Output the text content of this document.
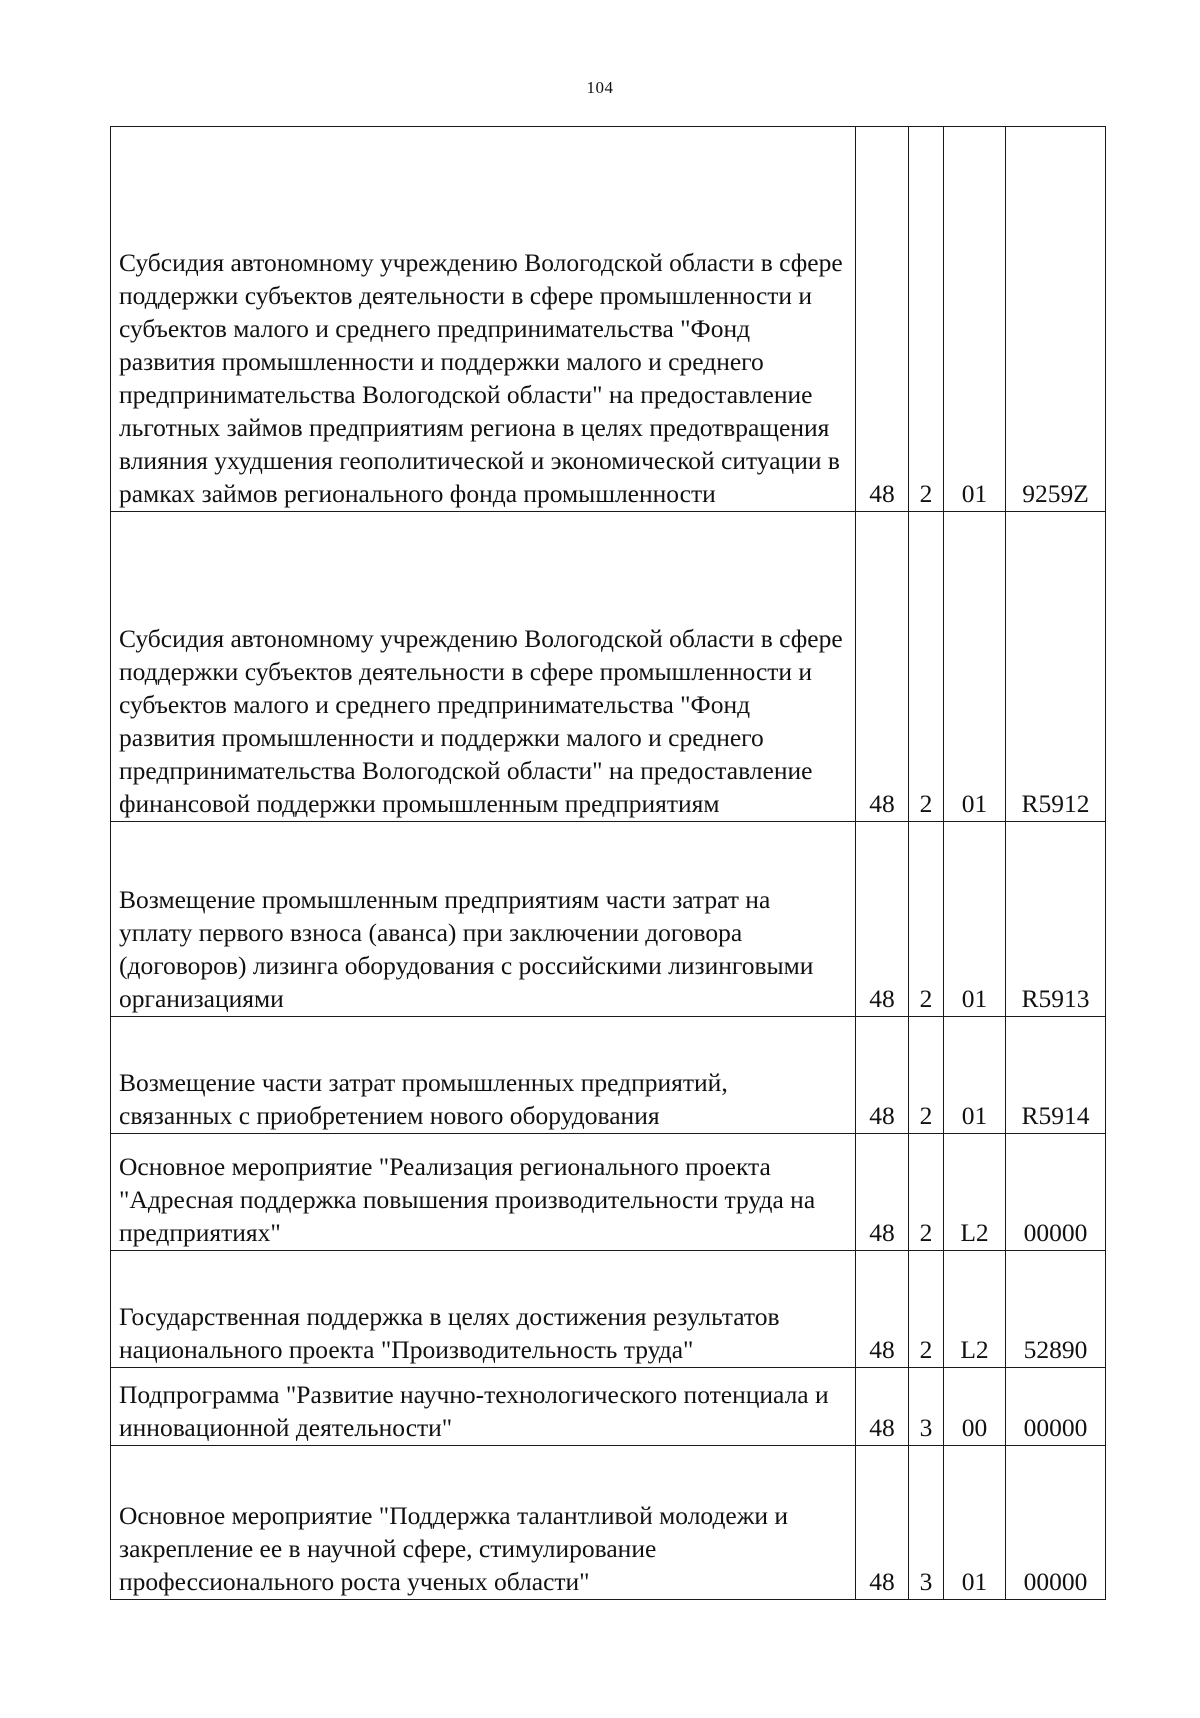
104
Субсидия автономному учреждению Вологодской области в сфере поддержки субъектов деятельности в сфере промышленности и субъектов малого и среднего предпринимательства "Фонд развития промышленности и поддержки малого и среднего предпринимательства Вологодской области" на предоставление льготных займов предприятиям региона в целях предотвращения влияния ухудшения геополитической и экономической ситуации в рамках займов регионального фонда промышленности	48	2	01	9259Z
Субсидия автономному учреждению Вологодской области в сфере поддержки субъектов деятельности в сфере промышленности и субъектов малого и среднего предпринимательства "Фонд развития промышленности и поддержки малого и среднего предпринимательства Вологодской области" на предоставление финансовой поддержки промышленным предприятиям	48	2	01	R5912
Возмещение промышленным предприятиям части затрат на уплату первого взноса (аванса) при заключении договора (договоров) лизинга оборудования с российскими лизинговыми организациями	48	2	01	R5913
Возмещение части затрат промышленных предприятий, связанных с приобретением нового оборудования	48	2	01	R5914
Основное мероприятие "Реализация регионального проекта "Адресная поддержка повышения производительности труда на предприятиях"	48	2	L2	00000
Государственная поддержка в целях достижения результатов национального проекта "Производительность труда"	48	2	L2	52890
Подпрограмма "Развитие научно-технологического потенциала и инновационной деятельности"	48	3	00	00000
Основное мероприятие "Поддержка талантливой молодежи и закрепление ее в научной сфере, стимулирование профессионального роста ученых области"	48	3	01	00000
